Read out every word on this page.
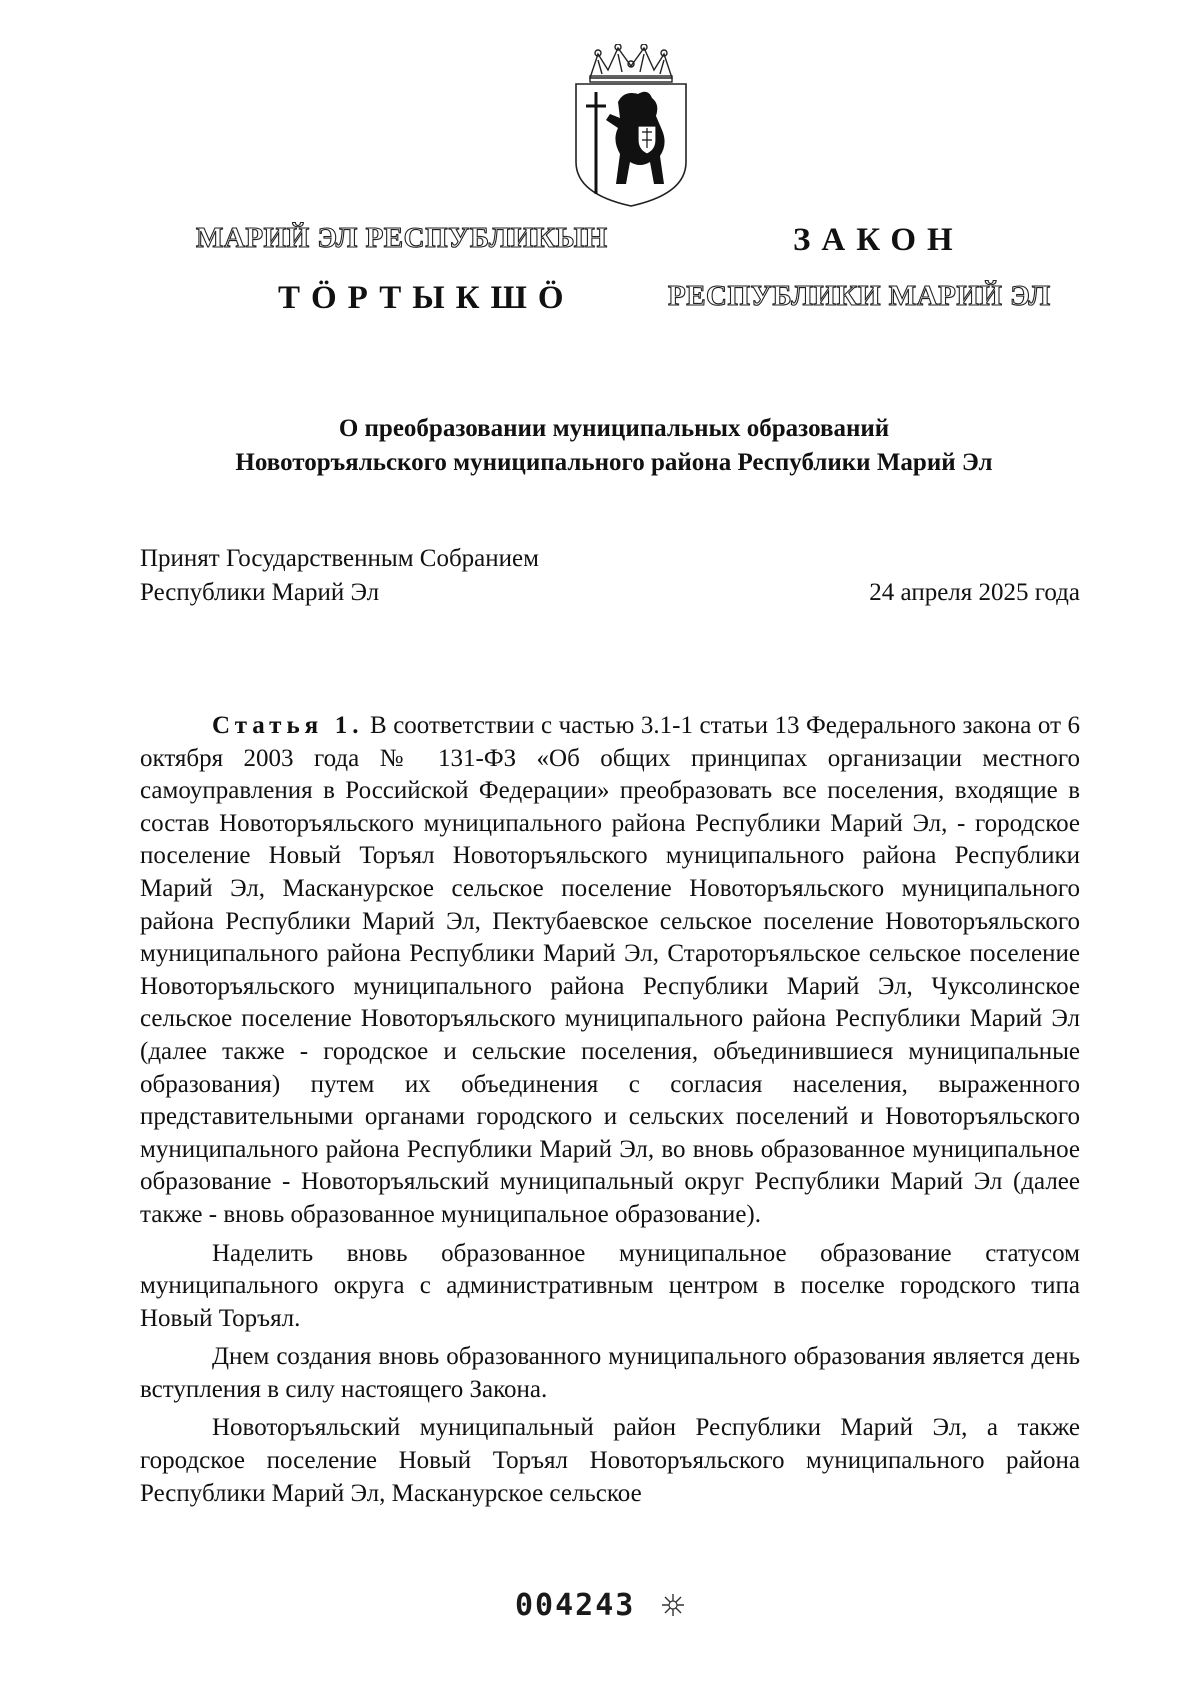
МАРИЙ ЭЛ РЕСПУБЛИКЫН
ТӦРТЫКШӦ
ЗАКОН
РЕСПУБЛИКИ МАРИЙ ЭЛ
О преобразовании муниципальных образований
Новоторъяльского муниципального района Республики Марий Эл
Принят Государственным Собранием
Республики Марий Эл	24 апреля 2025 года

Статья 1. В соответствии с частью 3.1-1 статьи 13 Федерального закона от 6 октября 2003 года № 131-ФЗ «Об общих принципах организации местного самоуправления в Российской Федерации» преобразовать все поселения, входящие в состав Новоторъяльского муниципального района Республики Марий Эл, - городское поселение Новый Торъял Новоторъяльского муниципального района Республики Марий Эл, Маскануpское сельское поселение Новоторъяльского муниципального района Республики Марий Эл, Пектубаевское сельское поселение Новоторъяльского муниципального района Республики Марий Эл, Староторъяльское сельское поселение Новоторъяльского муниципального района Республики Марий Эл, Чуксолинское сельское поселение Новоторъяльского муниципального района Республики Марий Эл (далее также - городское и сельские поселения, объединившиеся муниципальные образования) путем их объединения с согласия населения, выраженного представительными органами городского и сельских поселений и Новоторъяльского муниципального района Республики Марий Эл, во вновь образованное муниципальное образование - Новоторъяльский муниципальный округ Республики Марий Эл (далее также - вновь образованное муниципальное образование).

Наделить вновь образованное муниципальное образование статусом муниципального округа с административным центром в поселке городского типа Новый Торъял.

Днем создания вновь образованного муниципального образования является день вступления в силу настоящего Закона.

Новоторъяльский муниципальный район Республики Марий Эл, а также городское поселение Новый Торъял Новоторъяльского муниципального района Республики Марий Эл, Маскануpское сельское

004243
